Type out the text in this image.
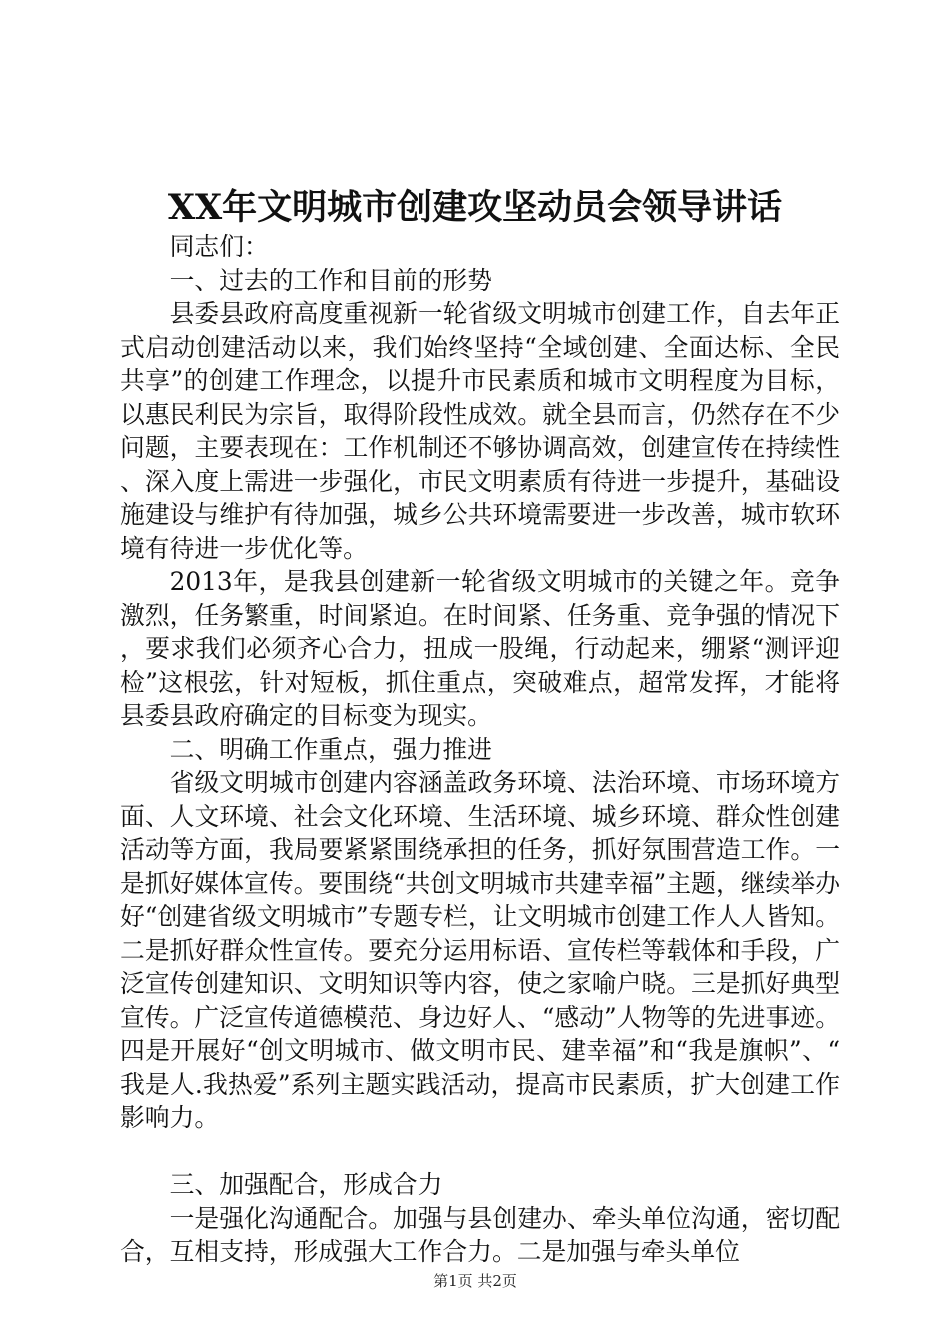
XX年文明城市创建攻坚动员会领导讲话

同志们：

一、过去的工作和目前的形势

县委县政府高度重视新一轮省级文明城市创建工作，自去年正式启动创建活动以来，我们始终坚持“全域创建、全面达标、全民共享”的创建工作理念，以提升市民素质和城市文明程度为目标，以惠民利民为宗旨，取得阶段性成效。就全县而言，仍然存在不少问题，主要表现在：工作机制还不够协调高效，创建宣传在持续性、深入度上需进一步强化，市民文明素质有待进一步提升，基础设施建设与维护有待加强，城乡公共环境需要进一步改善，城市软环境有待进一步优化等。

2013年，是我县创建新一轮省级文明城市的关键之年。竞争激烈，任务繁重，时间紧迫。在时间紧、任务重、竞争强的情况下，要求我们必须齐心合力，扭成一股绳，行动起来，绷紧“测评迎检”这根弦，针对短板，抓住重点，突破难点，超常发挥，才能将县委县政府确定的目标变为现实。

二、明确工作重点，强力推进

省级文明城市创建内容涵盖政务环境、法治环境、市场环境方面、人文环境、社会文化环境、生活环境、城乡环境、群众性创建活动等方面，我局要紧紧围绕承担的任务，抓好氛围营造工作。一是抓好媒体宣传。要围绕“共创文明城市共建幸福”主题，继续举办好“创建省级文明城市”专题专栏，让文明城市创建工作人人皆知。二是抓好群众性宣传。要充分运用标语、宣传栏等载体和手段，广泛宣传创建知识、文明知识等内容，使之家喻户晓。三是抓好典型宣传。广泛宣传道德模范、身边好人、“感动”人物等的先进事迹。四是开展好“创文明城市、做文明市民、建幸福”和“我是旗帜”、“我是人.我热爱”系列主题实践活动，提高市民素质，扩大创建工作影响力。

三、加强配合，形成合力

一是强化沟通配合。加强与县创建办、牵头单位沟通，密切配合，互相支持，形成强大工作合力。二是加强与牵头单位

第1页 共2页
